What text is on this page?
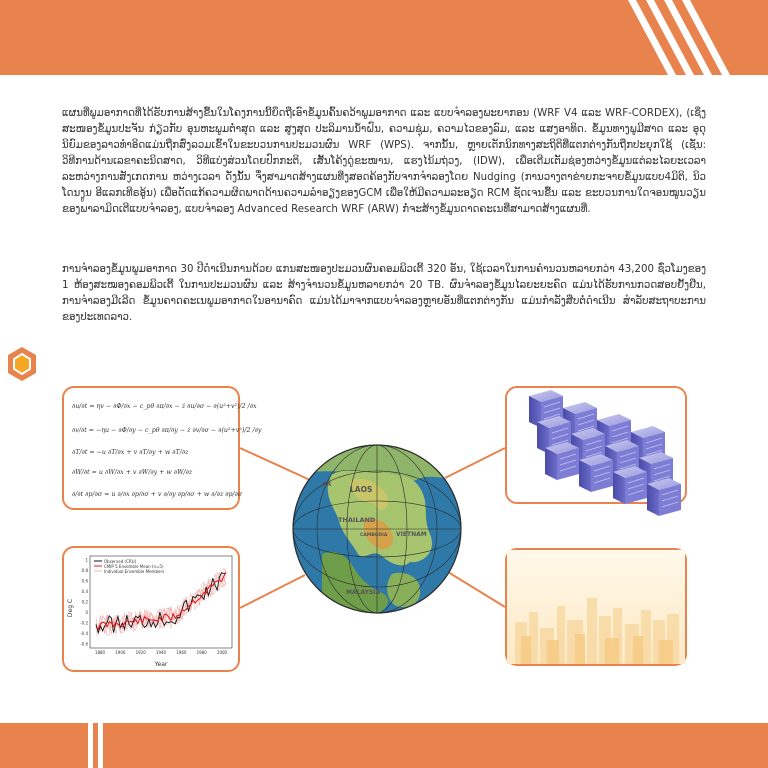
ແຜນທີ່ພູມອາກາດທີ່ໄດ້ຮັບການສ້າງຂື້ນໃນໂຄງການນີ້ຍຶດຖືເອົາຂໍ້ມູນຄົ້ນຄວ້າພູມອາກາດ ແລະ ແບບຈຳລອງພະຍາກອນ (WRF V4 ແລະ WRF-CORDEX), (ເຊິ່ງສະໜອງຂໍ້ມູນປະຈັນ ກ່ຽວກັບ ອຸນຫະພູມຕ່ຳສຸດ ແລະ ສູງສຸດ ປະລິມານນ້ຳຝົນ, ຄວາມຊຸ່ມ, ຄວາມໄວຂອງລົມ, ແລະ ແສງອາທິດ. ຂໍ້ມູນທາງພູມີສາດ ແລະ ອຸດຸນິຍົມຂອງລາວທຳອິດແມ່ນຖືກສົ່ງລວມເຂົ້າໃນຂະບວນການປະມວນຜົນ WRF (WPS). ຈາກນັ້ນ, ຫຼາຍເຕັກນິກທາງສະຖິຕິທີ່ແຕກຕ່າງກັນຖືກປະຍຸກໃຊ້ (ເຊັ່ນ: ວິທີການດ້ານເລຂາຄະນິດສາດ, ວິທີແບ່ງສ່ວນໂດຍປົກກະຕິ, ເສັ້ນໂຄ້ງດູ່ຂະໜານ, ແຮງໄນ້ມຖ່ວງ, (IDW), ເພື່ອເຕີມເຕັມຊ່ອງຫວ່າງຂໍ້ມູນແຕ່ລະໄລຍະເວລາ ລະຫວ່າງການສັງເກດການ ຫວ່າງເວລາ ດັ່ງນັ້ນ ຈຶ່ງສາມາດສ້າງແຜນທີ່ງສອດຄ້ອງກັບຈາກຈຳລອງໂດຍ Nudging (ການວາງຕາຂ່າຍກະຈາຍຂໍ້ມູນແບບ4ມິຕິ, ນິວໂດນງູນ ອີແລກເທີຣອູ້ນ) ເພື່ອດັດແກ້ຄວາມຜິດພາດດ້ານຄວາມລຳອຽງຂອງGCM ເພື່ອໃຫ້ມີຄວາມລະອຽດ RCM ຊັດເຈນຂື້ນ ແລະ ຂະບວນການໃດຈອນໝູນວຽນ ຂອງພາລາມິດເຕີແບບຈຳລອງ, ແບບຈຳລອງ Advanced Research WRF (ARW) ກໍ່ຈະສ້າງຂໍ້ມູນດາດຄະເນທີ່ສາມາດສ້າງແຜນທີ່.

ການຈຳລອງຂໍ້ມູນພູມອາກາດ 30 ປີດຳເນີນການດ້ວຍ ແກນສະໜອງປະມວນຜົນຄອມພິວເຕີ້ 320 ອັນ, ໃຊ້ເວລາໃນການຄຳນວນຫລາຍກວ່າ 43,200 ຊົ່ວໂມງຂອງ 1 ຫ້ອງສະໝອງຄອມພິວເຕີ້ ໃນການປະມວນຜົນ ແລະ ສ້າງຈຳນວນຂໍ້ມູນຫລາຍກວ່າ 20 TB. ຜົນຈຳລອງຂໍ້ມູນໄລຍະຍະຄົດ ແມ່ນໄດ້ຮັບການກວດສອບຢັ້ງຢືນ, ການຈຳລອງມີເລີດ ຂໍ້ມູນຄາດຄະເນພູມອາກາດໃນອານາຄົດ ແມ່ນໄດ້ມາຈາກແບບຈຳລອງຫຼາຍອັນທີ່ແຕກຕ່າງກັນ ແມ່ນກຳລັງສືບຕໍ່ດຳເນີນ ສຳລັບສະຖາບະການຂອງປະເທດລາວ.

∂u/∂t = ηv − ∂Φ/∂x − c_pθ ∂π/∂x − ż ∂u/∂σ − ∂(u²+v²)/2 /∂x
∂v/∂t = −ηu − ∂Φ/∂y − c_pθ ∂π/∂y − ż ∂v/∂σ − ∂(u²+v²)/2 /∂y
∂T/∂t = −u ∂T/∂x + v ∂T/∂y + w ∂T/∂z
∂W/∂t = u ∂W/∂x + v ∂W/∂y + w ∂W/∂z
∂/∂t ∂p/∂σ = u ∂/∂x ∂p/∂σ + v ∂/∂y ∂p/∂σ + w ∂/∂z ∂p/∂σ
1
0.8
0.6
0.4
0.2
0
-0.2
-0.4
-0.6
1880	1900	1920	1940	1960	1980	2000
Observed (CRU)
CMIP 5 Ensemble Mean (n=5)
Individual Ensemble Members
Deg C
Year
AR
LAOS
THAILAND
CAMBODIA VIETNAM
MALAYSIA
